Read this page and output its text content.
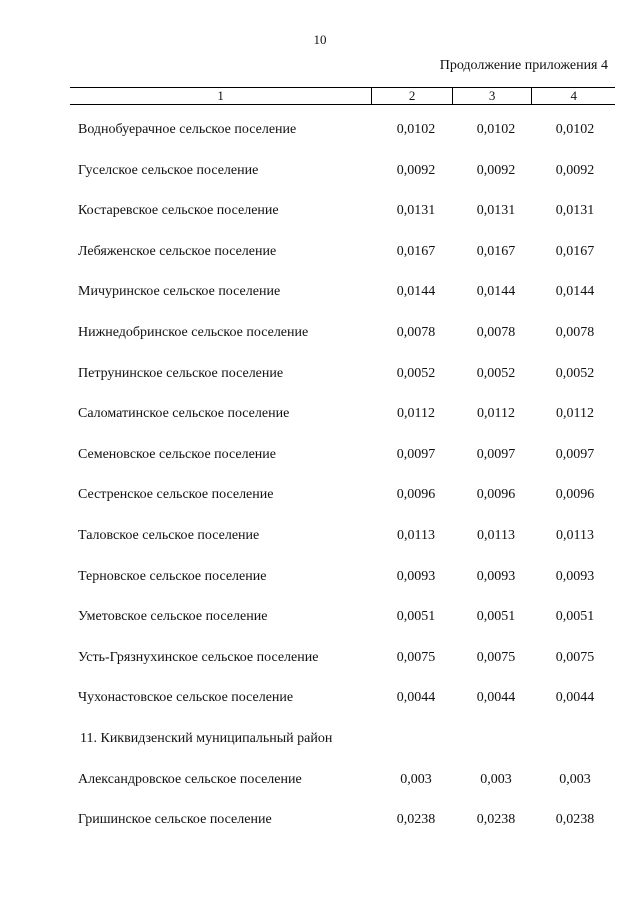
10
Продолжение приложения 4
1	2	3	4
Воднобуерачное сельское поселение	0,0102	0,0102	0,0102
Гуселское сельское поселение	0,0092	0,0092	0,0092
Костаревское сельское поселение	0,0131	0,0131	0,0131
Лебяженское сельское поселение	0,0167	0,0167	0,0167
Мичуринское сельское поселение	0,0144	0,0144	0,0144
Нижнедобринское сельское поселение	0,0078	0,0078	0,0078
Петрунинское сельское поселение	0,0052	0,0052	0,0052
Саломатинское сельское поселение	0,0112	0,0112	0,0112
Семеновское сельское поселение	0,0097	0,0097	0,0097
Сестренское сельское поселение	0,0096	0,0096	0,0096
Таловское сельское поселение	0,0113	0,0113	0,0113
Терновское сельское поселение	0,0093	0,0093	0,0093
Уметовское сельское поселение	0,0051	0,0051	0,0051
Усть-Грязнухинское сельское поселение	0,0075	0,0075	0,0075
Чухонастовское сельское поселение	0,0044	0,0044	0,0044
11. Киквидзенский муниципальный район
Александровское сельское поселение	0,003	0,003	0,003
Гришинское сельское поселение	0,0238	0,0238	0,0238
